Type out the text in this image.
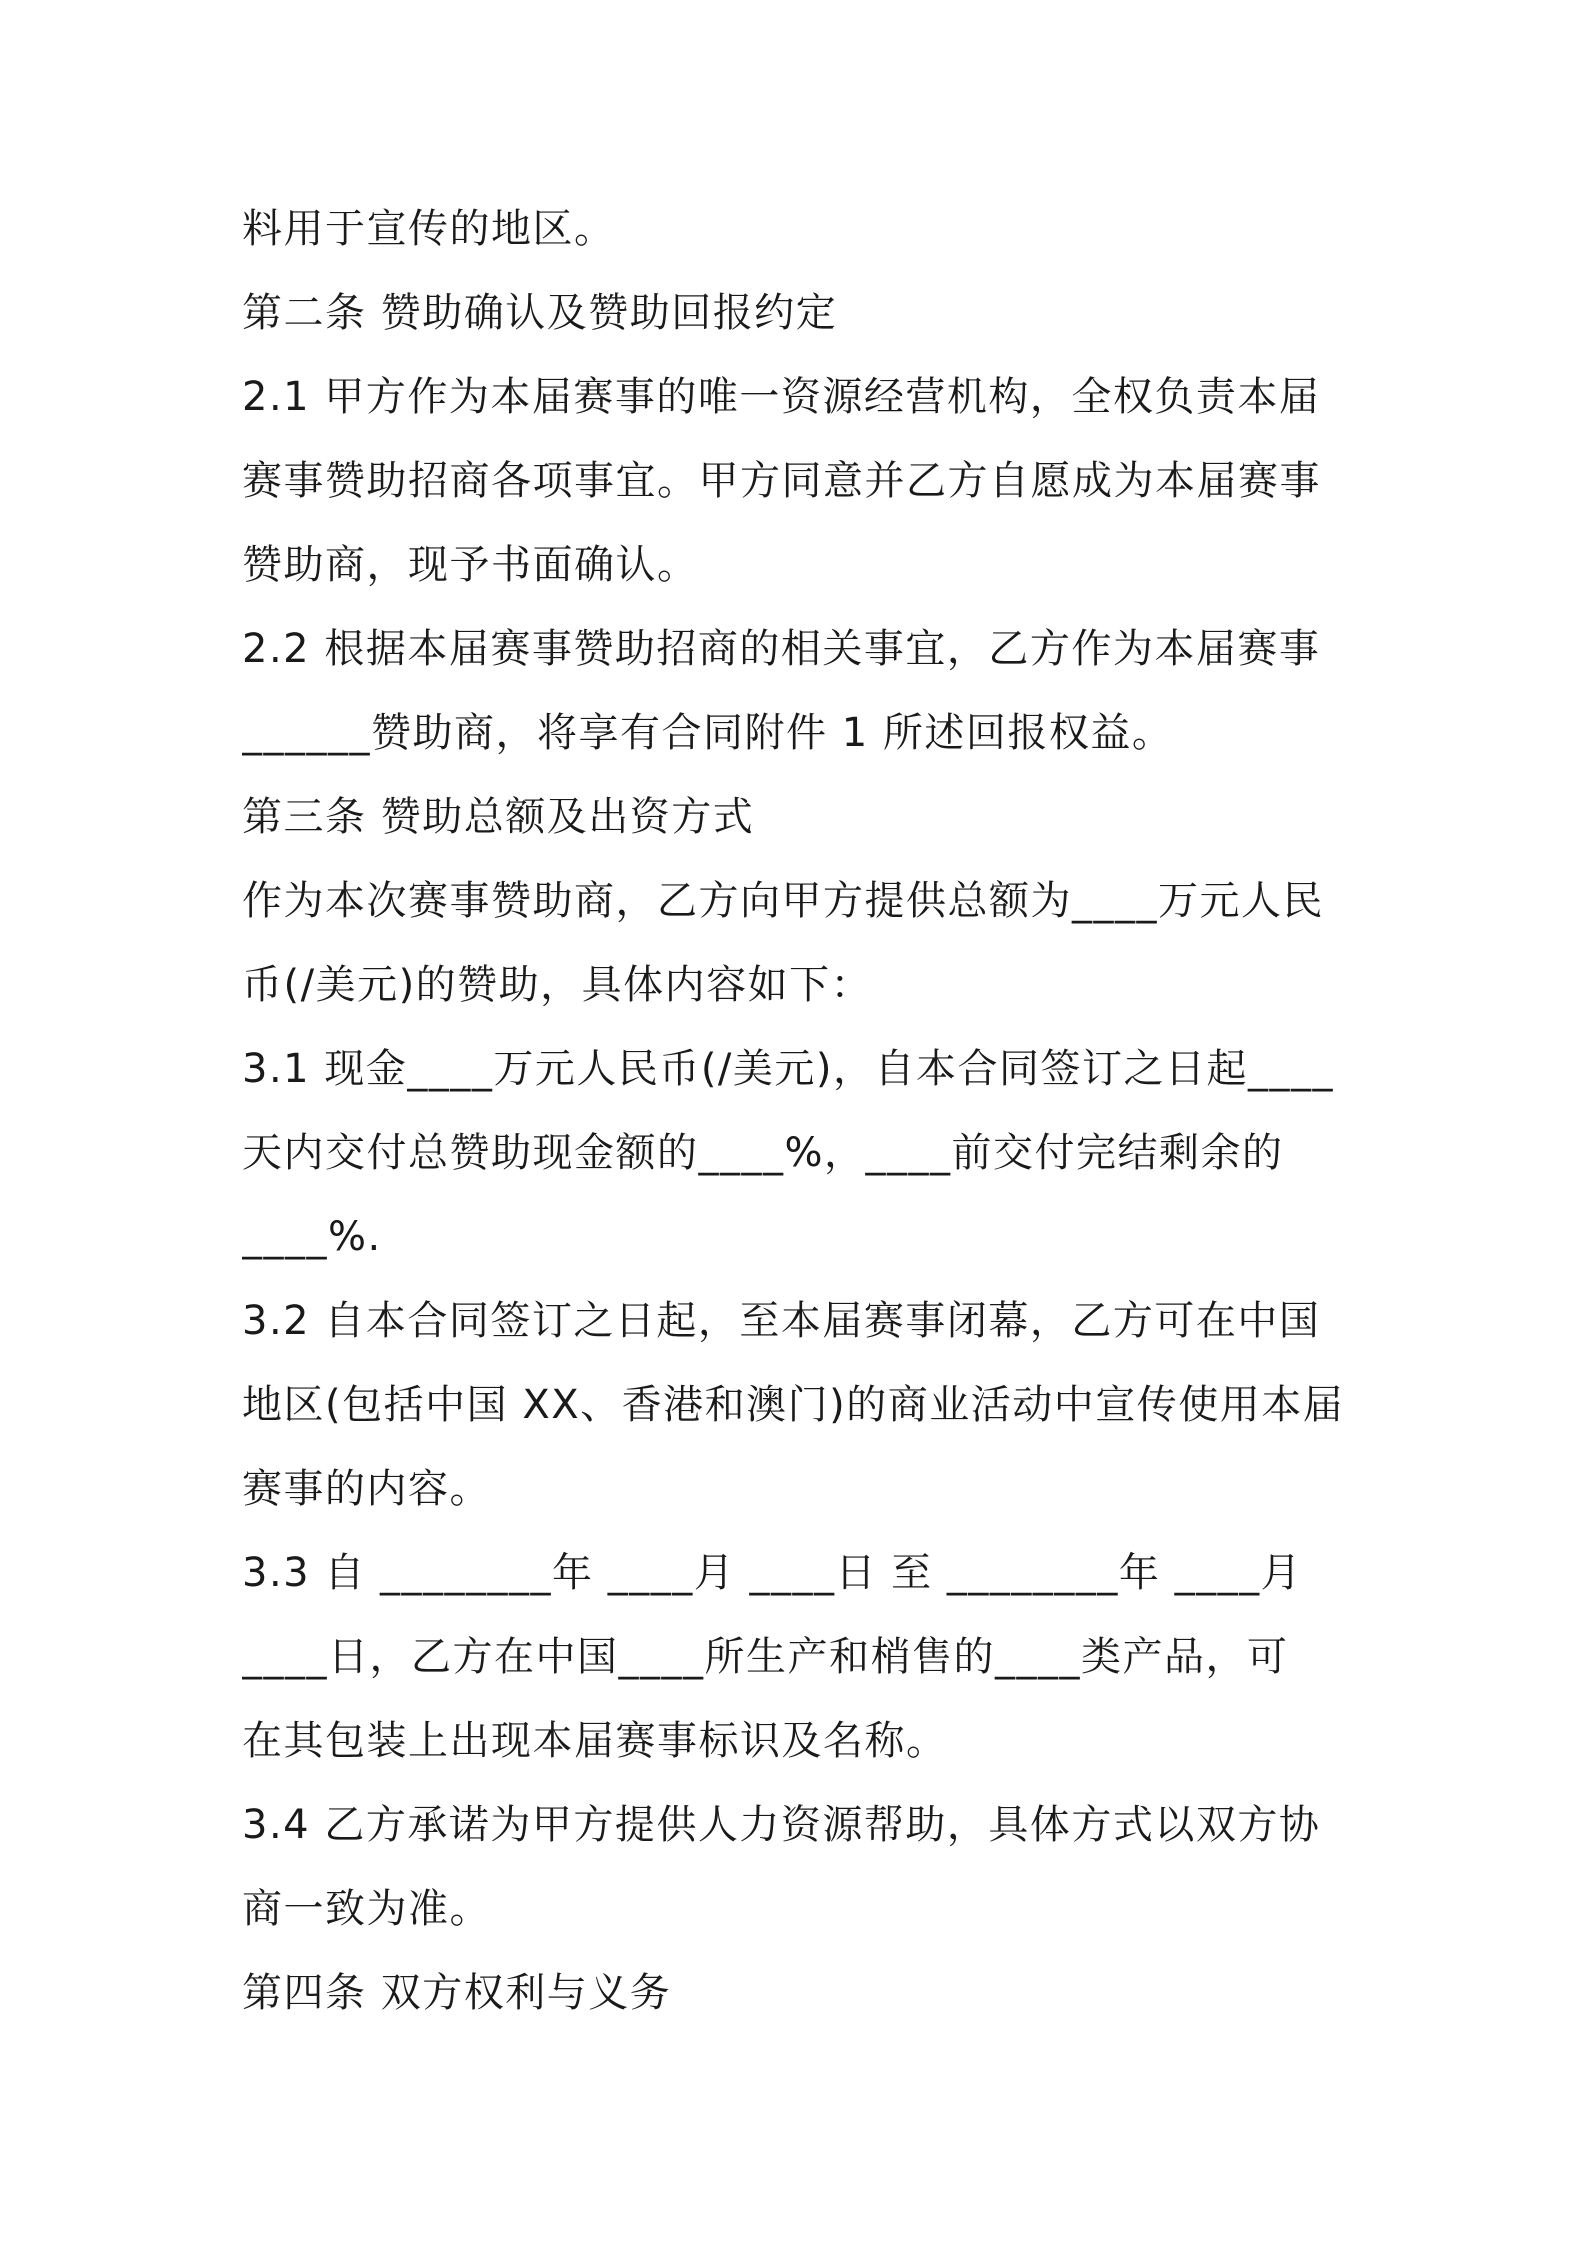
料用于宣传的地区。
第二条 赞助确认及赞助回报约定
2.1 甲方作为本届赛事的唯一资源经营机构，全权负责本届
赛事赞助招商各项事宜。甲方同意并乙方自愿成为本届赛事
赞助商，现予书面确认。
2.2 根据本届赛事赞助招商的相关事宜，乙方作为本届赛事
______赞助商，将享有合同附件 1 所述回报权益。
第三条 赞助总额及出资方式
作为本次赛事赞助商，乙方向甲方提供总额为____万元人民
币(/美元)的赞助，具体内容如下：
3.1 现金____万元人民币(/美元)，自本合同签订之日起____
天内交付总赞助现金额的____%，____前交付完结剩余的
____%.
3.2 自本合同签订之日起，至本届赛事闭幕，乙方可在中国
地区(包括中国 XX、香港和澳门)的商业活动中宣传使用本届
赛事的内容。
3.3 自 ________年 ____月 ____日 至 ________年 ____月
____日，乙方在中国____所生产和梢售的____类产品，可
在其包装上出现本届赛事标识及名称。
3.4 乙方承诺为甲方提供人力资源帮助，具体方式以双方协
商一致为准。
第四条 双方权利与义务
